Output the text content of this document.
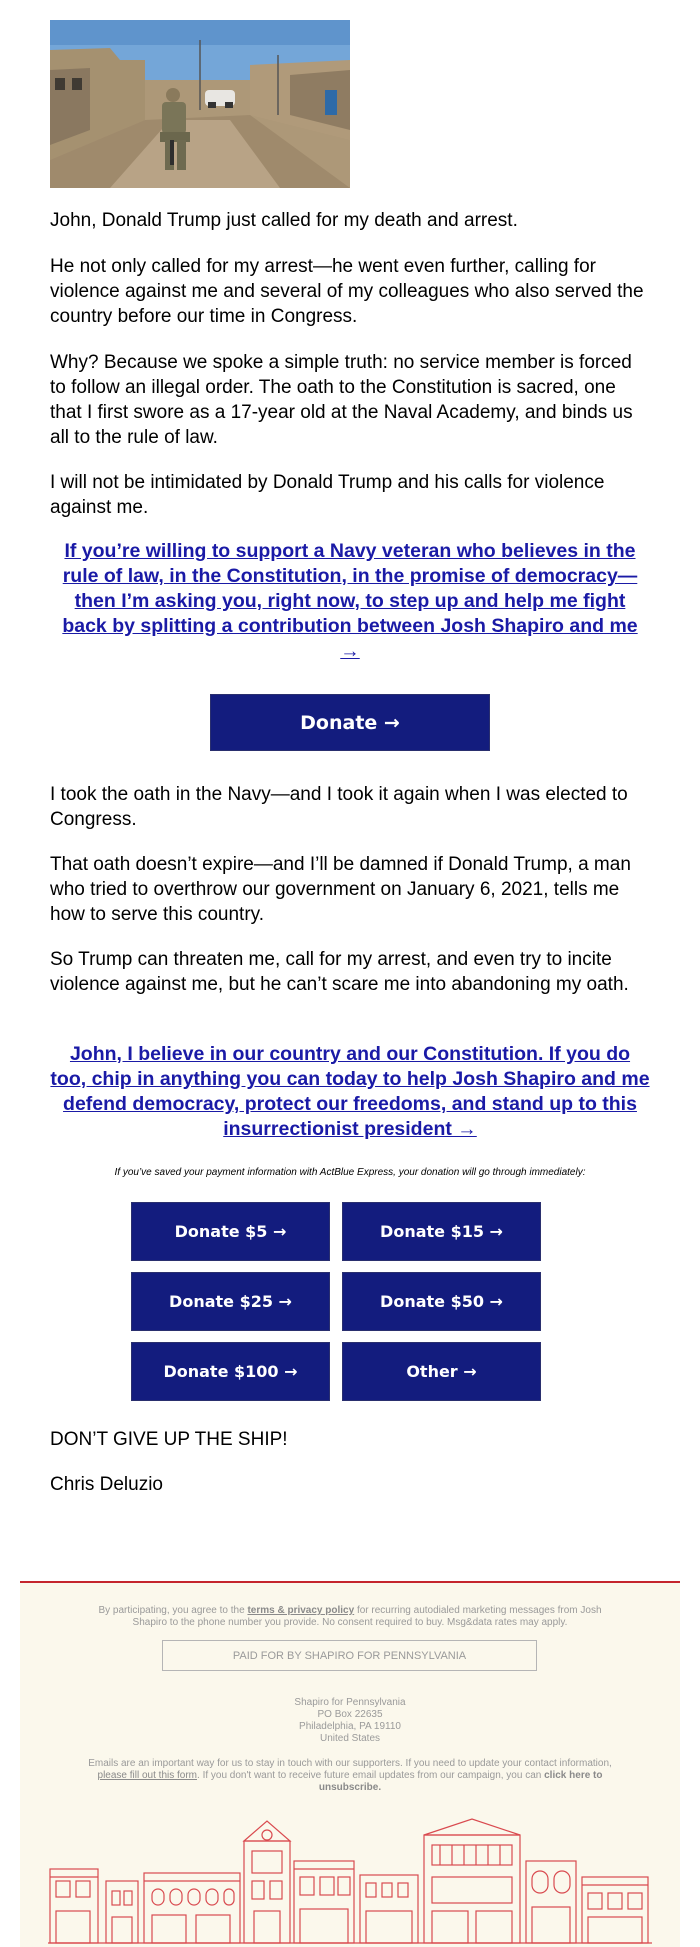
John, Donald Trump just called for my death and arrest.

He not only called for my arrest—he went even further, calling for violence against me and several of my colleagues who also served the country before our time in Congress.

Why? Because we spoke a simple truth: no service member is forced to follow an illegal order. The oath to the Constitution is sacred, one that I first swore as a 17-year old at the Naval Academy, and binds us all to the rule of law.

I will not be intimidated by Donald Trump and his calls for violence against me.

If you’re willing to support a Navy veteran who believes in the rule of law, in the Constitution, in the promise of democracy—then I’m asking you, right now, to step up and help me fight back by splitting a contribution between Josh Shapiro and me →
Donate →

I took the oath in the Navy—and I took it again when I was elected to Congress.

That oath doesn’t expire—and I’ll be damned if Donald Trump, a man who tried to overthrow our government on January 6, 2021, tells me how to serve this country.

So Trump can threaten me, call for my arrest, and even try to incite violence against me, but he can’t scare me into abandoning my oath.

John, I believe in our country and our Constitution. If you do too, chip in anything you can today to help Josh Shapiro and me defend democracy, protect our freedoms, and stand up to this insurrectionist president →
If you’ve saved your payment information with ActBlue Express, your donation will go through immediately:
Donate $5 →	Donate $15 →
Donate $25 →	Donate $50 →
Donate $100 →	Other →

DON’T GIVE UP THE SHIP!

Chris Deluzio

By participating, you agree to the terms & privacy policy for recurring autodialed marketing messages from Josh Shapiro to the phone number you provide. No consent required to buy. Msg&data rates may apply.
PAID FOR BY SHAPIRO FOR PENNSYLVANIA
Shapiro for Pennsylvania
PO Box 22635
Philadelphia, PA 19110
United States
Emails are an important way for us to stay in touch with our supporters. If you need to update your contact information, please fill out this form. If you don't want to receive future email updates from our campaign, you can click here to unsubscribe.
